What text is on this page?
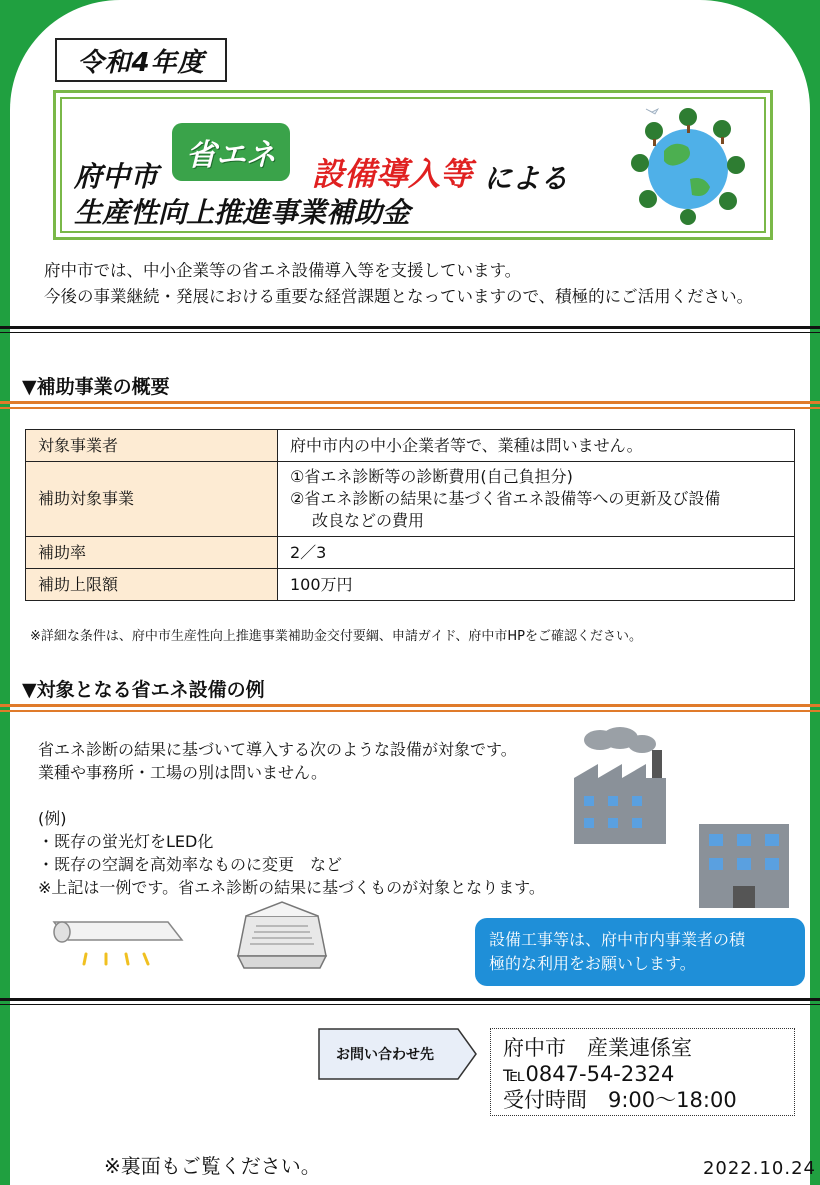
令和4年度
府中市
省エネ	設備導入等 による
生産性向上推進事業補助金
府中市では、中小企業等の省エネ設備導入等を支援しています。
今後の事業継続・発展における重要な経営課題となっていますので、積極的にご活用ください。
▼補助事業の概要
対象事業者	府中市内の中小企業者等で、業種は問いません。
補助対象事業	①省エネ診断等の診断費用(自己負担分)
②省エネ診断の結果に基づく省エネ設備等への更新及び設備
改良などの費用

補助率	2／3
補助上限額	100万円
※詳細な条件は、府中市生産性向上推進事業補助金交付要綱、申請ガイド、府中市HPをご確認ください。
▼対象となる省エネ設備の例
省エネ診断の結果に基づいて導入する次のような設備が対象です。
業種や事務所・工場の別は問いません。
(例)
・既存の蛍光灯をLED化
・既存の空調を高効率なものに変更　など
※上記は一例です。省エネ診断の結果に基づくものが対象となります。
設備工事等は、府中市内事業者の積
極的な利用をお願いします。
お問い合わせ先	府中市　産業連係室
℡0847-54-2324
受付時間　9:00～18:00
※裏面もご覧ください。	2022.10.24
